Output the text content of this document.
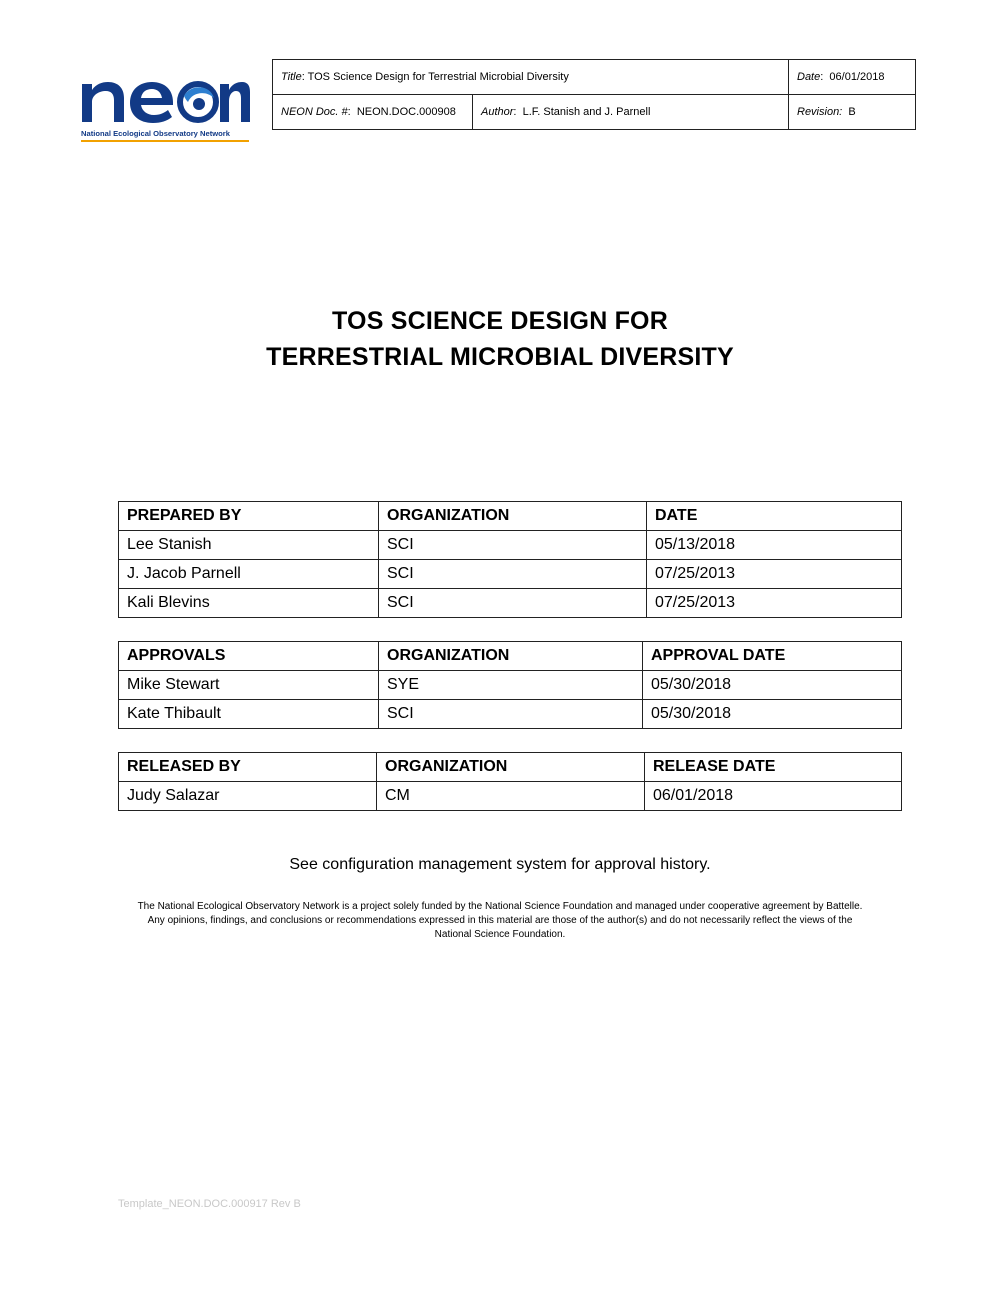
National Ecological Observatory Network
Title: TOS Science Design for Terrestrial Microbial Diversity		Date:  06/01/2018
NEON Doc. #:  NEON.DOC.000908	Author:  L.F. Stanish and J. Parnell	Revision: B
TOS SCIENCE DESIGN FOR
TERRESTRIAL MICROBIAL DIVERSITY
PREPARED BY	ORGANIZATION	DATE
Lee Stanish	SCI	05/13/2018
J. Jacob Parnell	SCI	07/25/2013
Kali Blevins	SCI	07/25/2013
APPROVALS	ORGANIZATION	APPROVAL DATE
Mike Stewart	SYE	05/30/2018
Kate Thibault	SCI	05/30/2018
RELEASED BY	ORGANIZATION	RELEASE DATE
Judy Salazar	CM	06/01/2018
See configuration management system for approval history.
The National Ecological Observatory Network is a project solely funded by the National Science Foundation and managed under cooperative agreement by Battelle.
Any opinions, findings, and conclusions or recommendations expressed in this material are those of the author(s) and do not necessarily reflect the views of the
National Science Foundation.
Template_NEON.DOC.000917 Rev B
